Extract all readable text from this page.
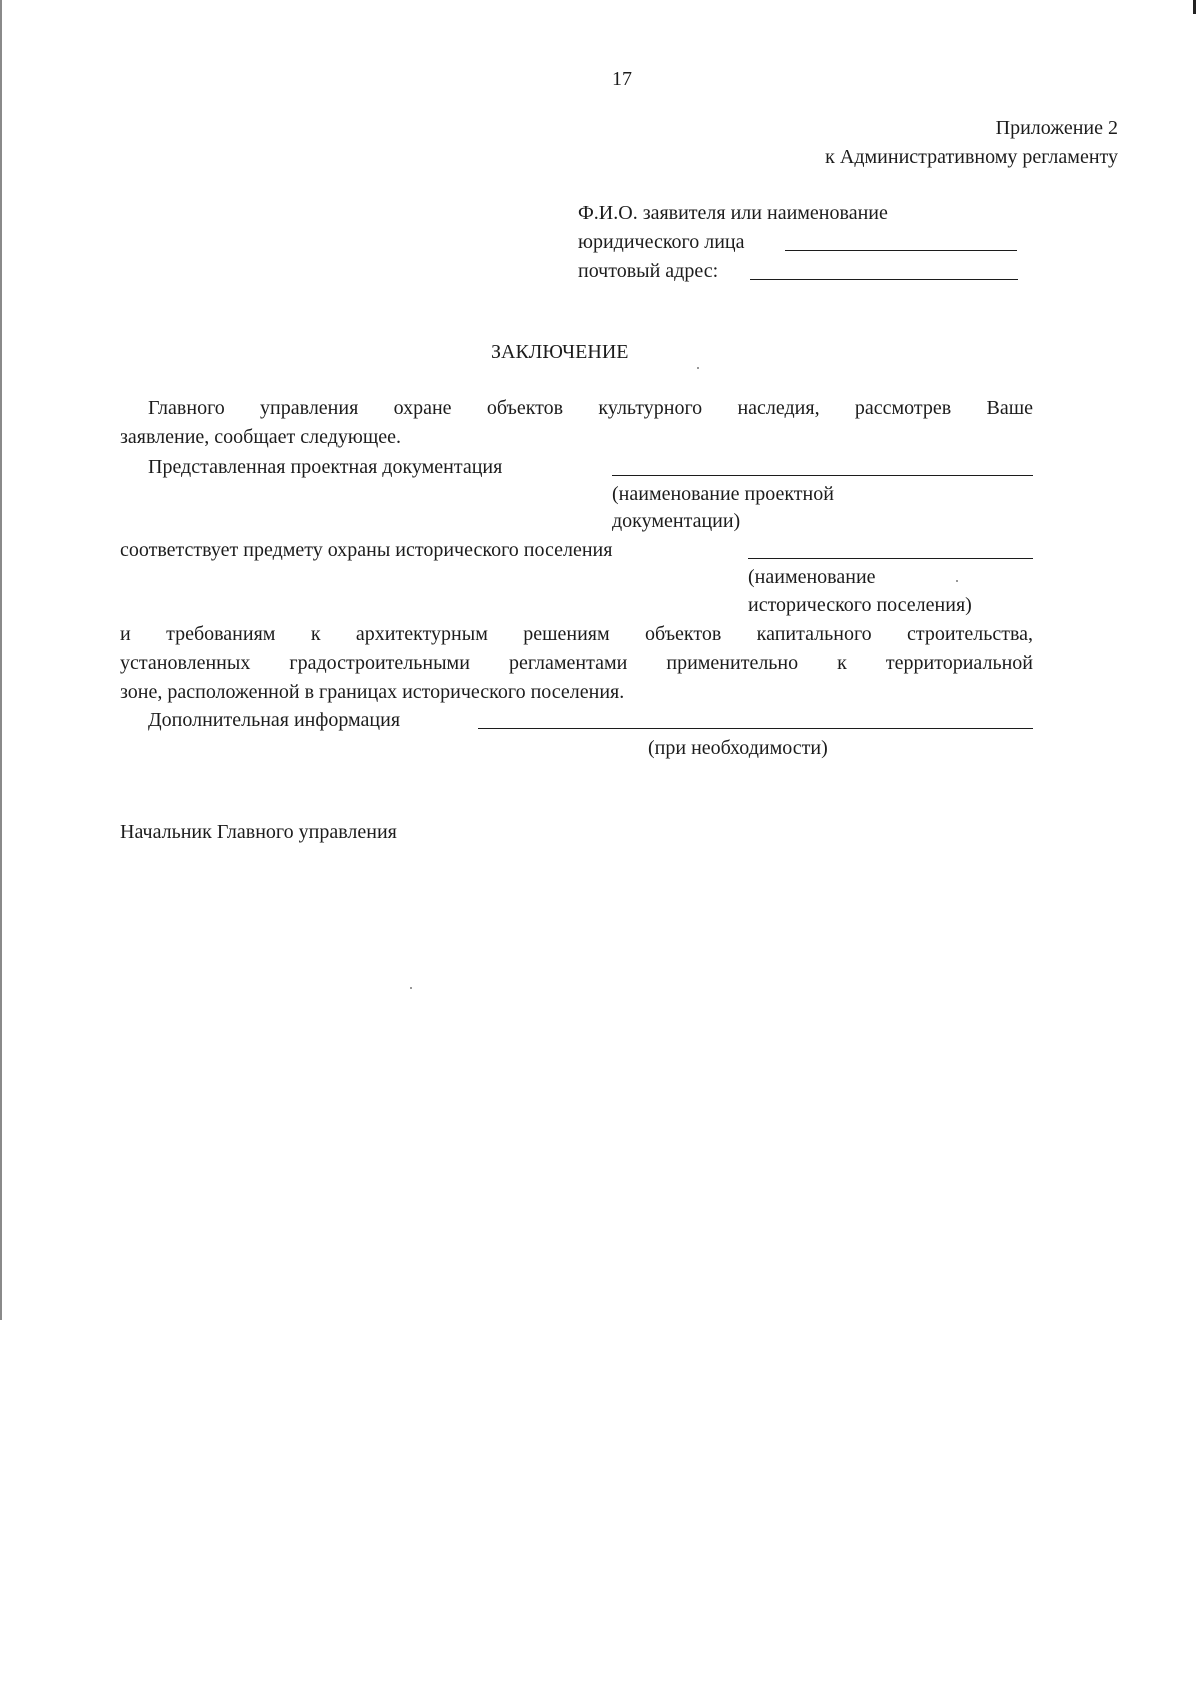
17
Приложение 2
к Административному регламенту
Ф.И.О. заявителя или наименование
юридического лица
почтовый адрес:
ЗАКЛЮЧЕНИЕ
Главного управления охране объектов культурного наследия, рассмотрев Ваше
заявление, сообщает следующее.
Представленная проектная документация
(наименование проектной
документации)
соответствует предмету охраны исторического поселения
(наименование
исторического поселения)
и требованиям к архитектурным решениям объектов капитального строительства,
установленных градостроительными регламентами применительно к территориальной
зоне, расположенной в границах исторического поселения.
Дополнительная информация
(при необходимости)
Начальник Главного управления
